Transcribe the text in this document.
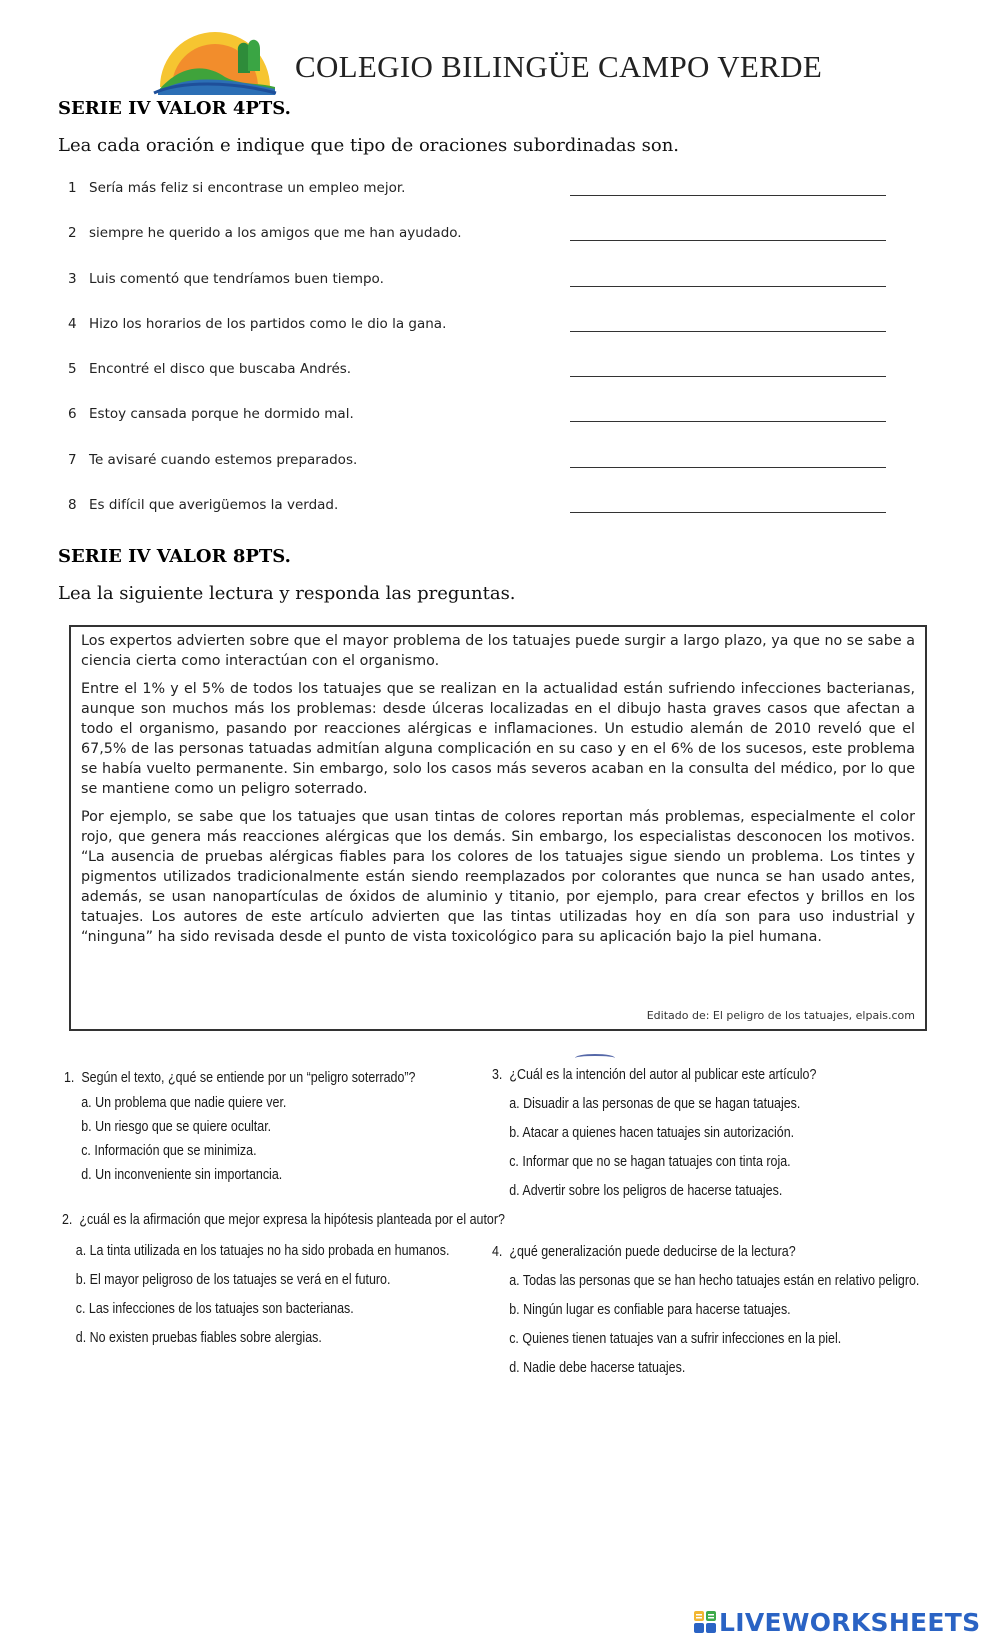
COLEGIO BILINGÜE CAMPO VERDE
SERIE IV VALOR 4PTS.
Lea cada oración e indique que tipo de oraciones subordinadas son.
1 Sería más feliz si encontrase un empleo mejor.
2 siempre he querido a los amigos que me han ayudado.
3 Luis comentó que tendríamos buen tiempo.
4 Hizo los horarios de los partidos como le dio la gana.
5 Encontré el disco que buscaba Andrés.
6 Estoy cansada porque he dormido mal.
7 Te avisaré cuando estemos preparados.
8 Es difícil que averigüemos la verdad.
SERIE IV VALOR 8PTS.
Lea la siguiente lectura y responda las preguntas.

Los expertos advierten sobre que el mayor problema de los tatuajes puede surgir a largo plazo, ya que no se sabe a ciencia cierta como interactúan con el organismo.

Entre el 1% y el 5% de todos los tatuajes que se realizan en la actualidad están sufriendo infecciones bacterianas, aunque son muchos más los problemas: desde úlceras localizadas en el dibujo hasta graves casos que afectan a todo el organismo, pasando por reacciones alérgicas e inflamaciones. Un estudio alemán de 2010 reveló que el 67,5% de las personas tatuadas admitían alguna complicación en su caso y en el 6% de los sucesos, este problema se había vuelto permanente. Sin embargo, solo los casos más severos acaban en la consulta del médico, por lo que se mantiene como un peligro soterrado.

Por ejemplo, se sabe que los tatuajes que usan tintas de colores reportan más problemas, especialmente el color rojo, que genera más reacciones alérgicas que los demás. Sin embargo, los especialistas desconocen los motivos. “La ausencia de pruebas alérgicas fiables para los colores de los tatuajes sigue siendo un problema. Los tintes y pigmentos utilizados tradicionalmente están siendo reemplazados por colorantes que nunca se han usado antes, además, se usan nanopartículas de óxidos de aluminio y titanio, por ejemplo, para crear efectos y brillos en los tatuajes. Los autores de este artículo advierten que las tintas utilizadas hoy en día son para uso industrial y “ninguna” ha sido revisada desde el punto de vista toxicológico para su aplicación bajo la piel humana.

Editado de: El peligro de los tatuajes, elpais.com
1. Según el texto, ¿qué se entiende por un “peligro soterrado”?
a. Un problema que nadie quiere ver.
b. Un riesgo que se quiere ocultar.
c. Información que se minimiza.
d. Un inconveniente sin importancia.
3. ¿Cuál es la intención del autor al publicar este artículo?
a. Disuadir a las personas de que se hagan tatuajes.
b. Atacar a quienes hacen tatuajes sin autorización.
c. Informar que no se hagan tatuajes con tinta roja.
d. Advertir sobre los peligros de hacerse tatuajes.
2. ¿cuál es la afirmación que mejor expresa la hipótesis planteada por el autor?
a. La tinta utilizada en los tatuajes no ha sido probada en humanos.
b. El mayor peligroso de los tatuajes se verá en el futuro.
c. Las infecciones de los tatuajes son bacterianas.
d. No existen pruebas fiables sobre alergias.
4. ¿qué generalización puede deducirse de la lectura?
a. Todas las personas que se han hecho tatuajes están en relativo peligro.
b. Ningún lugar es confiable para hacerse tatuajes.
c. Quienes tienen tatuajes van a sufrir infecciones en la piel.
d. Nadie debe hacerse tatuajes.
LIVEWORKSHEETS
